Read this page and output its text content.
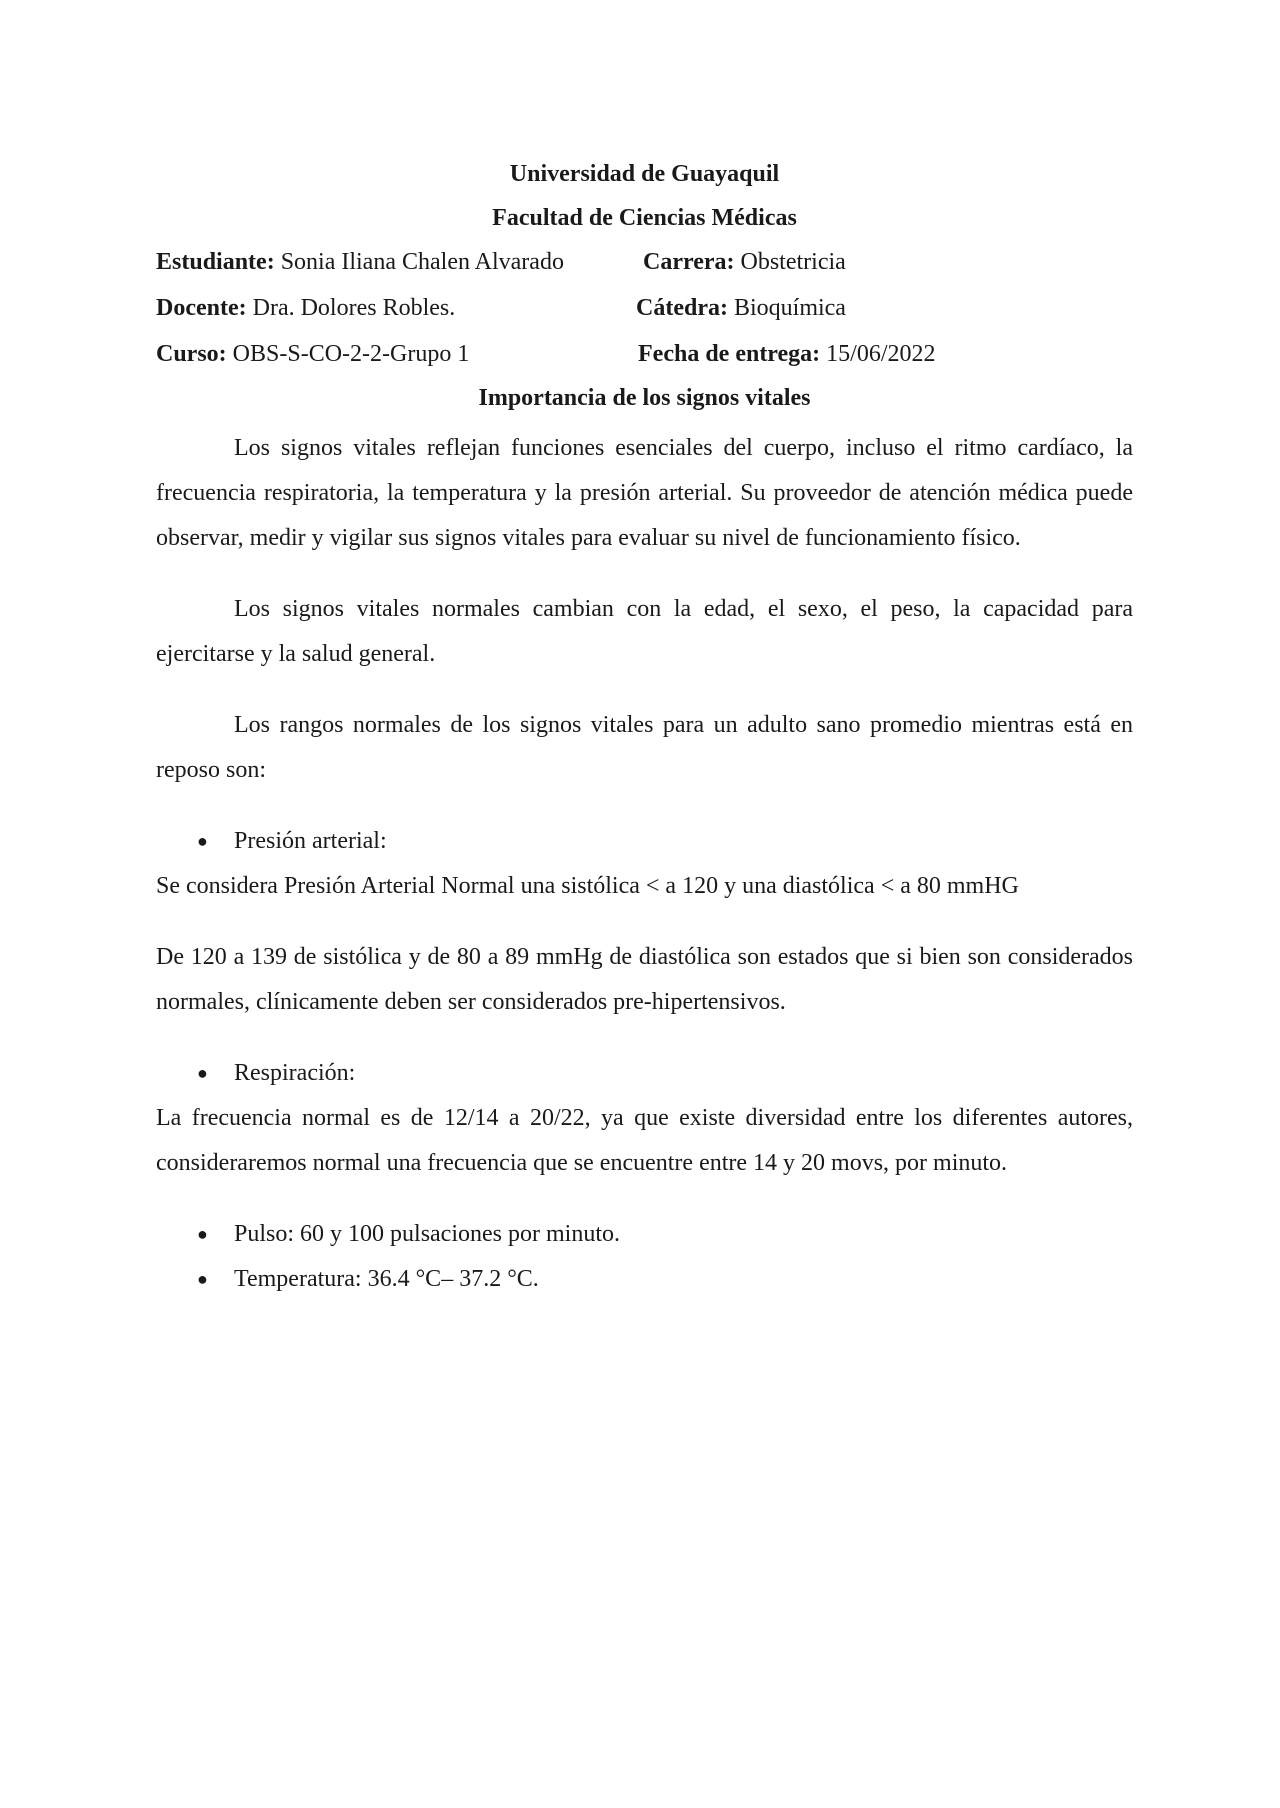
Universidad de Guayaquil
Facultad de Ciencias Médicas
Estudiante: Sonia Iliana Chalen Alvarado	Carrera: Obstetricia
Docente: Dra. Dolores Robles.	Cátedra: Bioquímica
Curso: OBS-S-CO-2-2-Grupo 1	Fecha de entrega: 15/06/2022
Importancia de los signos vitales

Los signos vitales reflejan funciones esenciales del cuerpo, incluso el ritmo cardíaco, la frecuencia respiratoria, la temperatura y la presión arterial. Su proveedor de atención médica puede observar, medir y vigilar sus signos vitales para evaluar su nivel de funcionamiento físico.

Los signos vitales normales cambian con la edad, el sexo, el peso, la capacidad para ejercitarse y la salud general.

Los rangos normales de los signos vitales para un adulto sano promedio mientras está en reposo son:

● Presión arterial:

Se considera Presión Arterial Normal una sistólica < a 120 y una diastólica < a 80 mmHG

De 120 a 139 de sistólica y de 80 a 89 mmHg de diastólica son estados que si bien son considerados normales, clínicamente deben ser considerados pre-hipertensivos.

● Respiración:

La frecuencia normal es de 12/14 a 20/22, ya que existe diversidad entre los diferentes autores, consideraremos normal una frecuencia que se encuentre entre 14 y 20 movs, por minuto.

● Pulso: 60 y 100 pulsaciones por minuto.
● Temperatura: 36.4 °C– 37.2 °C.
